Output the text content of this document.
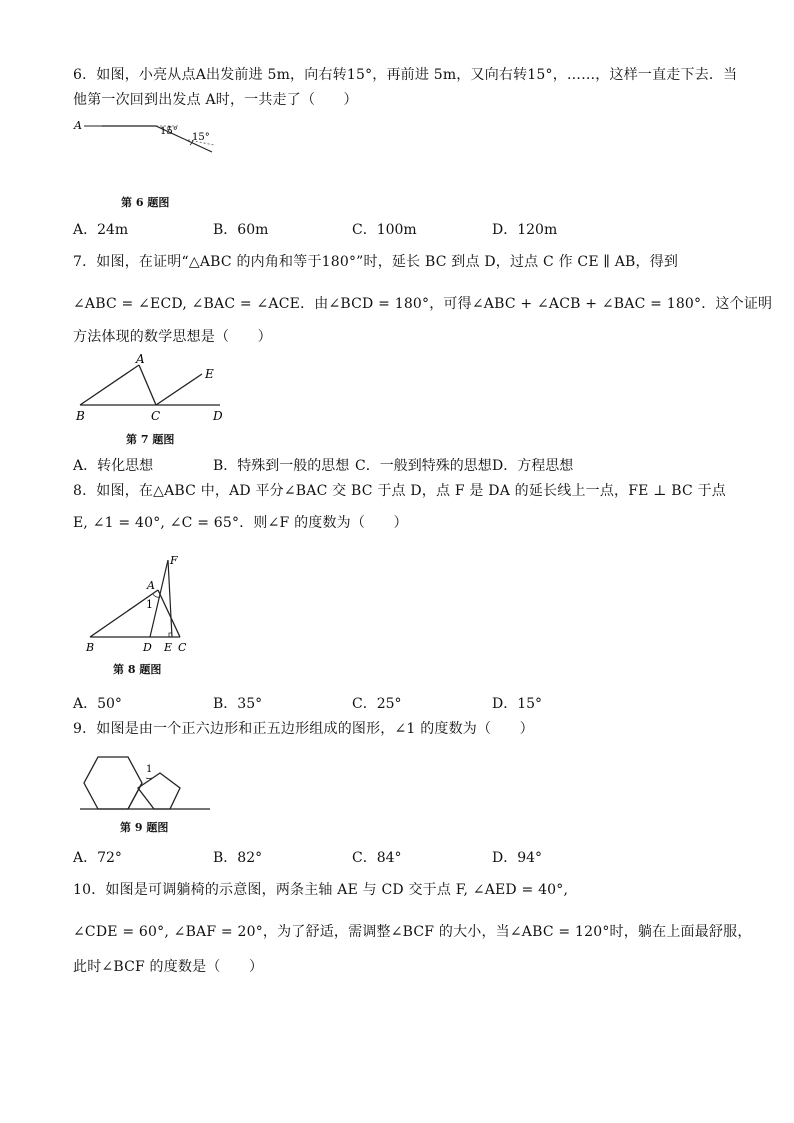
6．如图，小亮从点A出发前进 5m，向右转15°，再前进 5m，又向右转15°，……，这样一直走下去．当
他第一次回到出发点 A时，一共走了（　　）
A	15°
15°
第 6 题图
A．24m	B．60m	C．100m	D．120m
7．如图，在证明“△ABC 的内角和等于180°”时，延长 BC 到点 D，过点 C 作 CE ∥ AB，得到
∠ABC = ∠ECD, ∠BAC = ∠ACE．由∠BCD = 180°，可得∠ABC + ∠ACB + ∠BAC = 180°．这个证明
方法体现的数学思想是（　　）
A
E
B	C	D
第 7 题图
A．转化思想	B．特殊到一般的思想 C．一般到特殊的思想 D．方程思想
8．如图，在△ABC 中，AD 平分∠BAC 交 BC 于点 D，点 F 是 DA 的延长线上一点，FE ⊥ BC 于点
E, ∠1 = 40°, ∠C = 65°．则∠F 的度数为（　　）
F
A
1
B	D E C
第 8 题图
A．50°	B．35°	C．25°	D．15°
9．如图是由一个正六边形和正五边形组成的图形，∠1 的度数为（　　）
1
第 9 题图
A．72°	B．82°	C．84°	D．94°
10．如图是可调躺椅的示意图，两条主轴 AE 与 CD 交于点 F, ∠AED = 40°,
∠CDE = 60°, ∠BAF = 20°，为了舒适，需调整∠BCF 的大小，当∠ABC = 120°时，躺在上面最舒服，
此时∠BCF 的度数是（　　）
